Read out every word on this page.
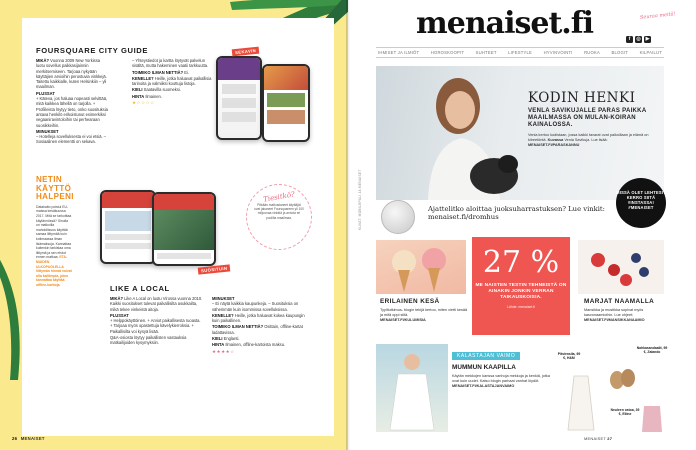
FOURSQUARE CITY GUIDE

MIKÄ? Vuonna 2009 New Yorkissa luotu sovellus paikkasijainnin merkitsemiseen. Tarjoaa nykyään käyttäjien arvioihin perustuvia vinkkejä. Taitettu kaikkialle, kuten Helsinkiin – yli maailman.

PLUSSAT
+ Käteva, jos haluaa nopeasti selvittää, mitä kaikkea lähellä on tarjolla. + Profiileista löytyy tieto, onko suosituksia antava henkilö erikoistunut esimerkiksi vegaaniravintoloihin tai perhearaan suosikkeihin.

MIINUKSET
– Hotelleja sovelluksesta ei voi etsiä. – Sosiaalinen elementti on sekava.

– Yhteystiedot ja kartta löytyvät palvelun sisältä, mutta hakeminen vaatii tarkkuutta.

TOIMIIKO ILMAN NETTIÄ? Ei.

KENELLE? Heille, jotka haluavat paikallisia tarinoita ja valmiiksi koottuja listoja.

KIELI Saatavilla suomeksi.

HINTA Ilmainen.

★☆☆☆☆

SEKAVIN
NETIN KÄYTTÖ HALPENI
Datakatto poistui EU-maissa kesäkuussa 2017. Mitä se tarkoittaa käytännössä? Sinulla on matkoilla mahdollisuus käyttää samaa liittymää kuin kotimaassa ilman lisämaksuja. Kannattaa kuitenkin tarkistaa oma liittymä ja sen ehdot ennen matkaa. ETA-MAIDEN ULKOPUOLELLA liittymän hinnat voivat olla kalliimpia, joten kannattaa käyttää offline-karttoja.
SUOSITUIN
Tiesitkö?
Pitkään matkustaneet käyttäjät ovat jakaneet Foursquareen yli 100 miljoonaa vinkkiä ja arviota eri puolilta maailmaa.
LIKE A LOCAL

MIKÄ? Like A Local on luotu Virossa vuonna 2010. Kaikki suositukset tulevat paikallisilta asukkailta, mikä tekee vinkeistä aitoja.

PLUSSAT
+ Helppokäyttöinen. + Arviot paikallisesta ruoasta. + Tarjoaa myös opastettuja kävelykierroksia. + Paikallisilta voi kysyä lisää.

Q&A-osiosta löytyy paikallisten vastauksia matkailijoiden kysymyksiin.

MIINUKSET
– Ei näytä kaikkia kaupunkeja. – Suosituksia on vähemmän kuin isommissa sovelluksissa.

KENELLE? Heille, jotka haluavat kokea kaupungin kuin paikallinen.

TOIMIIKO ILMAN NETTIÄ? Osittain, offline-kartat ladattavissa.

KIELI Englanti.

HINTA Ilmainen, offline-kartoista maksu.

★★★★☆

26 MENAISET
menaiset.fi	Seuraa meitä!
f	◎	▶
IHMISET JA ILMIÖT	HOROSKOOPIT	SUHTEET	LIFESTYLE	HYVINVOINTI	RUOKA	BLOGIT	KILPAILUT
KODIN HENKI
VENLA SAVIKUJALLE PARAS PAIKKA MAAILMASSA ON MULAN-KOIRAN KAINALOSSA.
Venla kertoo kodistaan, jossa kaikki tavarat ovat paikoillaan ja elämä on kiireetöntä. Kuvassa Venla Savikuja. Lue lisää:
MENAISET.FI/PARASKANNU
MISSÄ OLET LEHTESI? KERRO SIITÄ #INSTASSA! #MENAISET
Ajattelitko aloittaa juoksuharrastuksen? Lue vinkit: menaiset.fi/dromhus
ERILAINEN KESÄ
Tyylitutkimus- blogin tekijä kertoo, miten vietti kesää ja mitä oppi siitä.
MENAISET.FI/KULUMISIA
27 %
ME NAISTEN TESTIN TEHNEISTÄ ON AINAKIN JONKIN VERRAN TAIKAUSKOISIA.
Lähde: menaiset.fi
MARJAT NAAMALLA
Mansikka ja mustikka sopivat myös kasvonaamioihin. Lue ohjeet:
MENAISET.FI/MANSIKKANAAMIO
KALASTAJAN VAIMO
MUMMUN KAAPILLA
Käytän mekkojen kanssa vanhoja mekkoja ja kenkiä, jotka ovat kuin uudet. Katso blogin parhaat vanhat löydöt.
MENAISET.FI/KALASTAJANVAIMO
Pitsiensila, 69 €, H&M
Nahkasandaalit, 99 €, Zalando
Neuleen ostoa, 39 €, Eliine
KUVAT: MOBILEPALI JA MENAISET
MENAISET 27
